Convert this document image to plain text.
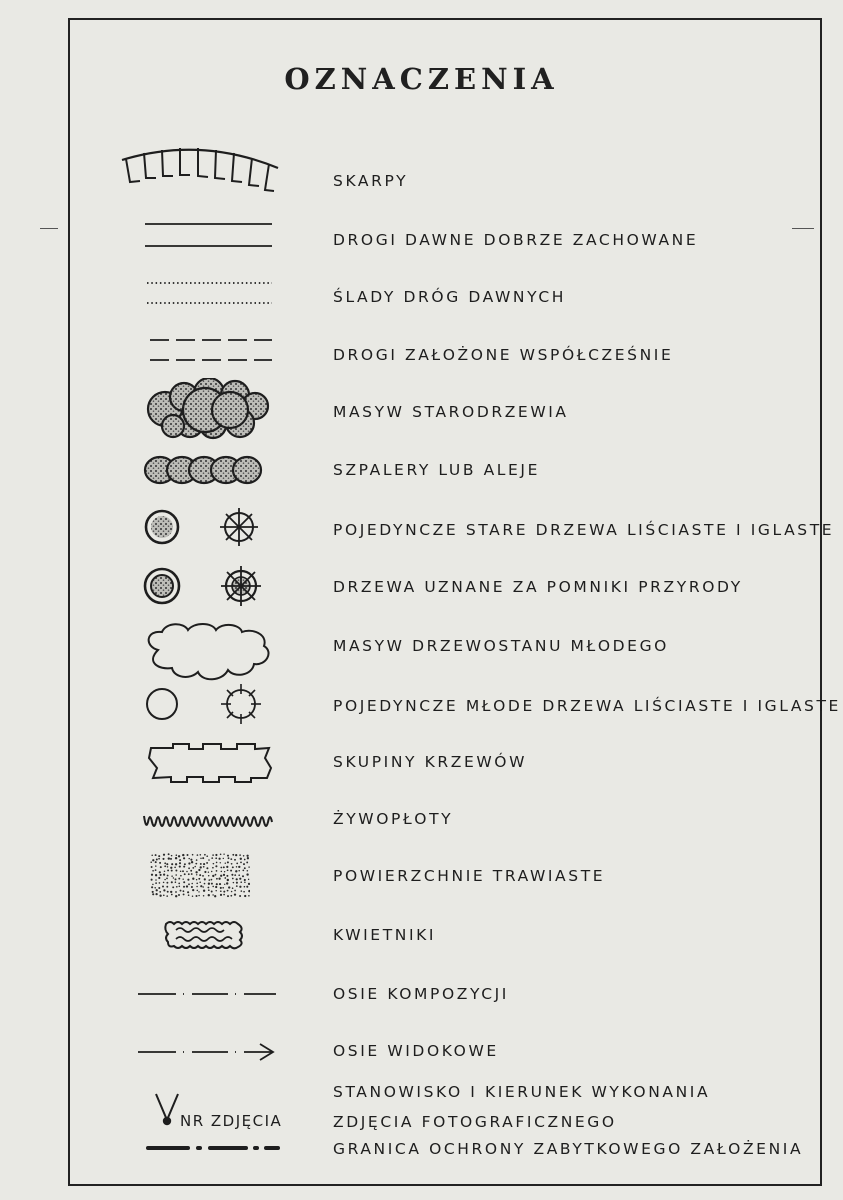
OZNACZENIA
SKARPY
DROGI DAWNE DOBRZE ZACHOWANE
ŚLADY DRÓG DAWNYCH
DROGI ZAŁOŻONE WSPÓŁCZEŚNIE
MASYW STARODRZEWIA
SZPALERY LUB ALEJE
POJEDYNCZE STARE DRZEWA LIŚCIASTE I IGLASTE
DRZEWA UZNANE ZA POMNIKI PRZYRODY
MASYW DRZEWOSTANU MŁODEGO
POJEDYNCZE MŁODE DRZEWA LIŚCIASTE I IGLASTE
SKUPINY KRZEWÓW
ŻYWOPŁOTY
POWIERZCHNIE TRAWIASTE
KWIETNIKI
OSIE KOMPOZYCJI
OSIE WIDOKOWE
STANOWISKO I KIERUNEK WYKONANIA
ZDJĘCIA FOTOGRAFICZNEGO
GRANICA OCHRONY ZABYTKOWEGO ZAŁOŻENIA
NR ZDJĘCIA
